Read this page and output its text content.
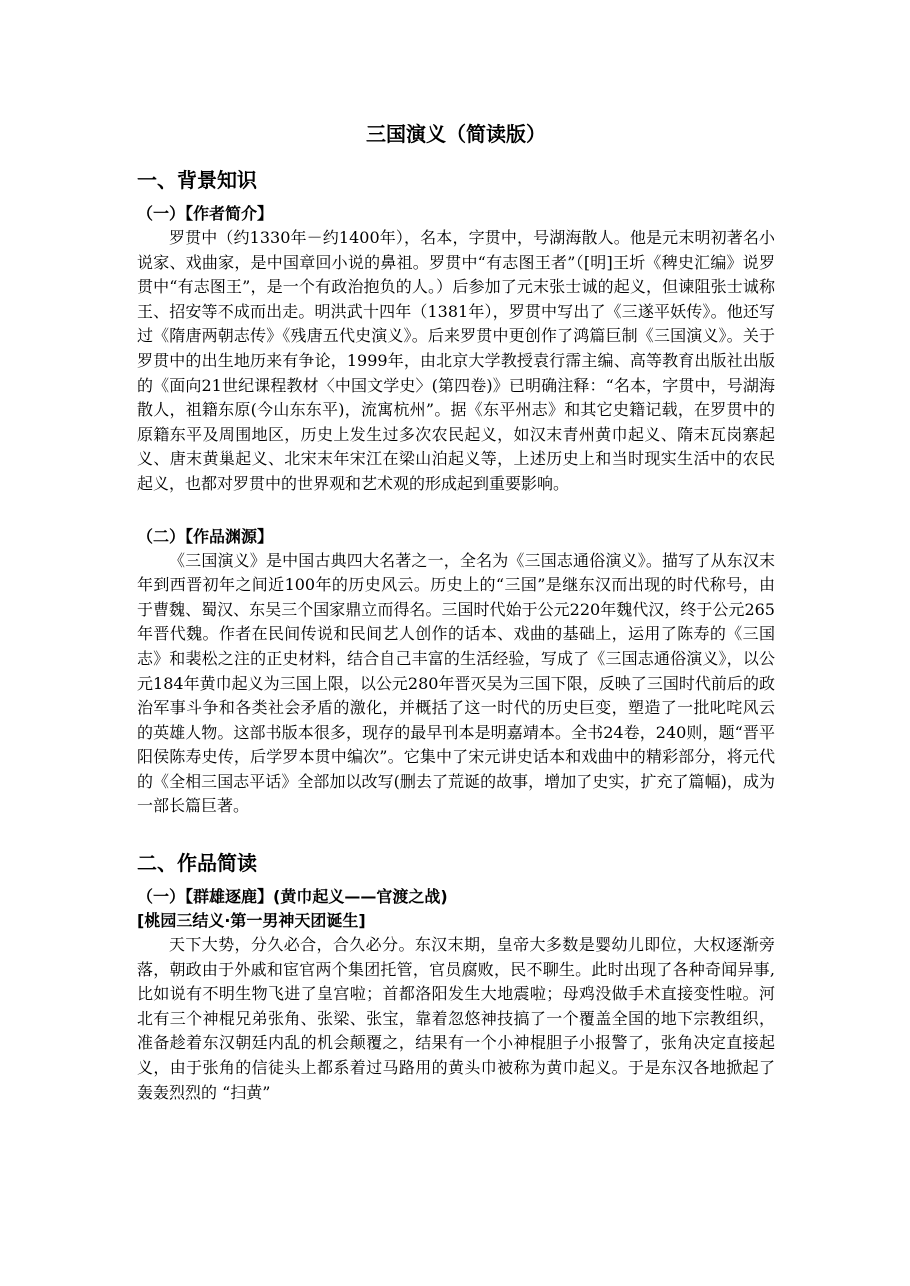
三国演义（简读版）
一、背景知识
（一）【作者简介】

罗贯中（约1330年－约1400年），名本，字贯中，号湖海散人。他是元末明初著名小说家、戏曲家，是中国章回小说的鼻祖。罗贯中“有志图王者”（[明]王圻《稗史汇编》说罗贯中“有志图王”，是一个有政治抱负的人。）后参加了元末张士诚的起义，但谏阻张士诚称王、招安等不成而出走。明洪武十四年（1381年），罗贯中写出了《三遂平妖传》。他还写过《隋唐两朝志传》《残唐五代史演义》。后来罗贯中更创作了鸿篇巨制《三国演义》。关于罗贯中的出生地历来有争论，1999年，由北京大学教授袁行霈主编、高等教育出版社出版的《面向21世纪课程教材〈中国文学史〉(第四卷)》已明确注释：“名本，字贯中，号湖海散人，祖籍东原(今山东东平)，流寓杭州”。据《东平州志》和其它史籍记载，在罗贯中的原籍东平及周围地区，历史上发生过多次农民起义，如汉末青州黄巾起义、隋末瓦岗寨起义、唐末黄巢起义、北宋末年宋江在梁山泊起义等，上述历史上和当时现实生活中的农民起义，也都对罗贯中的世界观和艺术观的形成起到重要影响。

（二）【作品渊源】

《三国演义》是中国古典四大名著之一，全名为《三国志通俗演义》。描写了从东汉末年到西晋初年之间近100年的历史风云。历史上的“三国”是继东汉而出现的时代称号，由于曹魏、蜀汉、东吴三个国家鼎立而得名。三国时代始于公元220年魏代汉，终于公元265年晋代魏。作者在民间传说和民间艺人创作的话本、戏曲的基础上，运用了陈寿的《三国志》和裴松之注的正史材料，结合自己丰富的生活经验，写成了《三国志通俗演义》，以公元184年黄巾起义为三国上限，以公元280年晋灭吴为三国下限，反映了三国时代前后的政治军事斗争和各类社会矛盾的激化，并概括了这一时代的历史巨变，塑造了一批叱咤风云的英雄人物。这部书版本很多，现存的最早刊本是明嘉靖本。全书24卷，240则，题“晋平阳侯陈寿史传，后学罗本贯中编次”。它集中了宋元讲史话本和戏曲中的精彩部分，将元代的《全相三国志平话》全部加以改写(删去了荒诞的故事，增加了史实，扩充了篇幅)，成为一部长篇巨著。

二、作品简读
（一）【群雄逐鹿】(黄巾起义——官渡之战)
[桃园三结义·第一男神天团诞生]

天下大势，分久必合，合久必分。东汉末期，皇帝大多数是婴幼儿即位，大权逐渐旁落，朝政由于外戚和宦官两个集团托管，官员腐败，民不聊生。此时出现了各种奇闻异事,比如说有不明生物飞进了皇宫啦；首都洛阳发生大地震啦；母鸡没做手术直接变性啦。河北有三个神棍兄弟张角、张梁、张宝，靠着忽悠神技搞了一个覆盖全国的地下宗教组织，准备趁着东汉朝廷内乱的机会颠覆之，结果有一个小神棍胆子小报警了，张角决定直接起义，由于张角的信徒头上都系着过马路用的黄头巾被称为黄巾起义。于是东汉各地掀起了轰轰烈烈的 “扫黄”
